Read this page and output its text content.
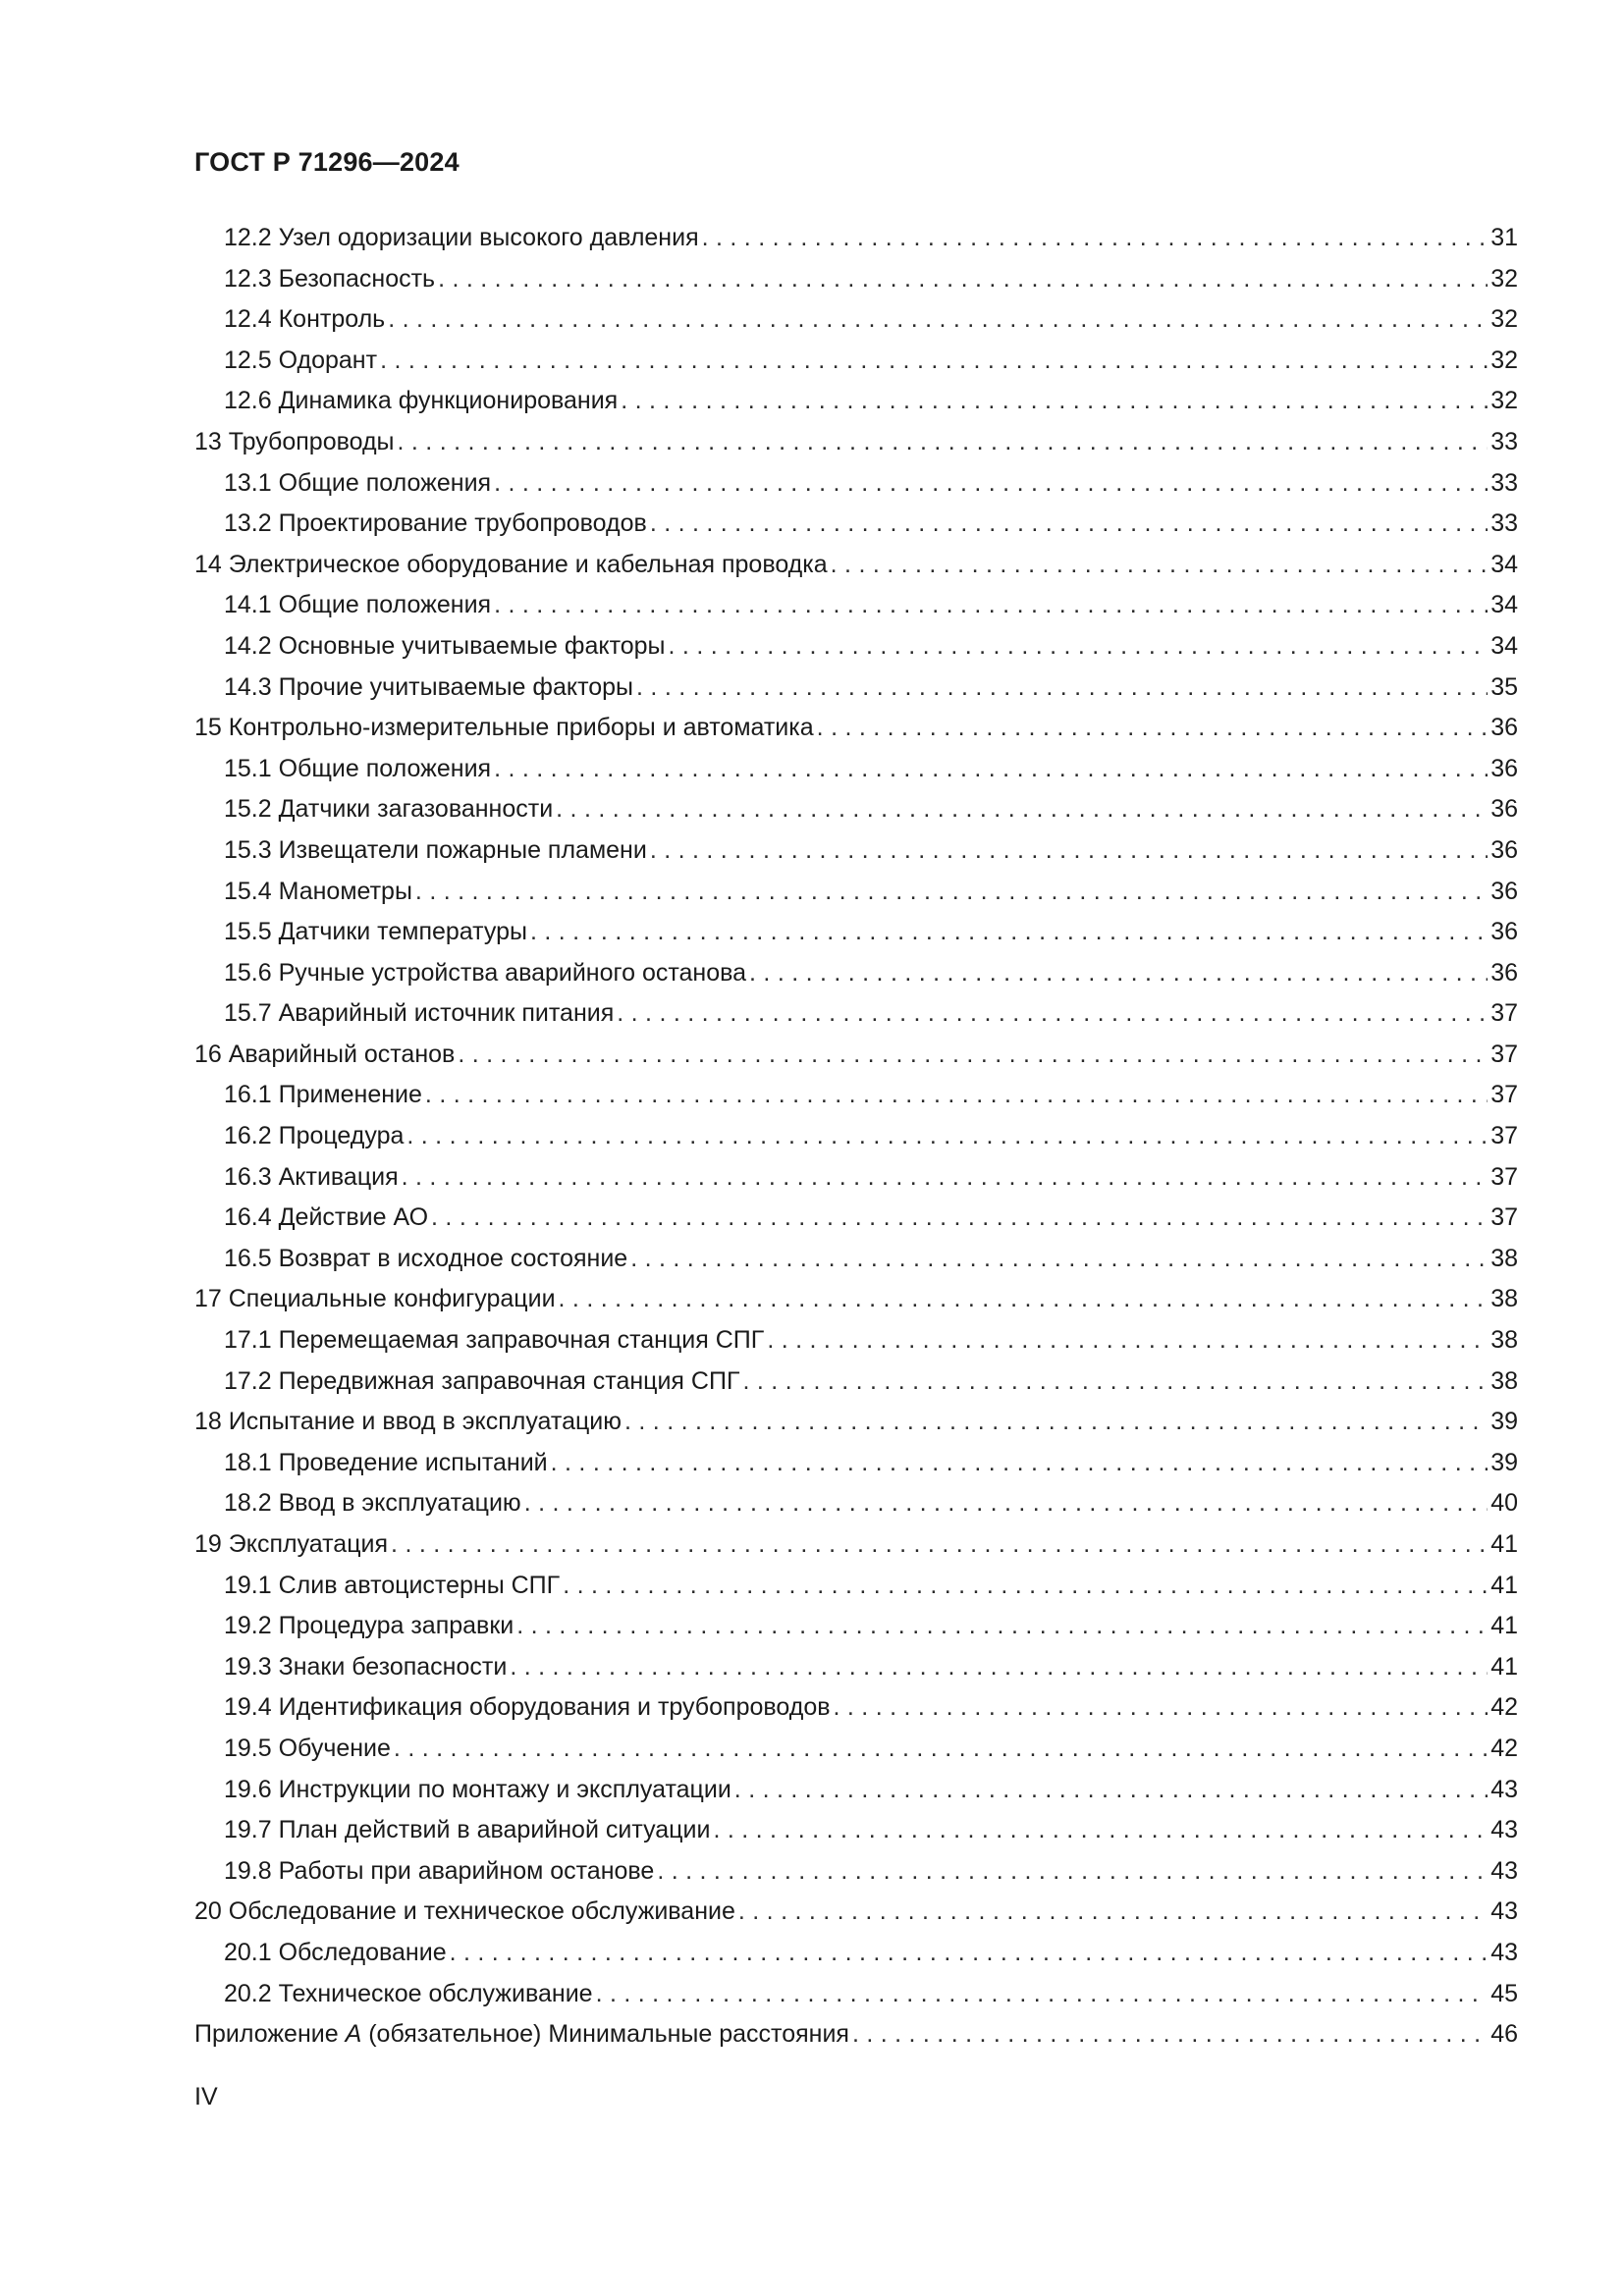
ГОСТ Р 71296—2024
12.2 Узел одоризации высокого давления . . .	31
12.3 Безопасность . . .	32
12.4 Контроль . . .	32
12.5 Одорант . . .	32
12.6 Динамика функционирования . . .	32
13 Трубопроводы . . .	33
13.1 Общие положения . . .	33
13.2 Проектирование трубопроводов . . .	33
14 Электрическое оборудование и кабельная проводка . . .	34
14.1 Общие положения . . .	34
14.2 Основные учитываемые факторы . . .	34
14.3 Прочие учитываемые факторы . . .	35
15 Контрольно-измерительные приборы и автоматика . . .	36
15.1 Общие положения . . .	36
15.2 Датчики загазованности . . .	36
15.3 Извещатели пожарные пламени . . .	36
15.4 Манометры . . .	36
15.5 Датчики температуры . . .	36
15.6 Ручные устройства аварийного останова . . .	36
15.7 Аварийный источник питания . . .	37
16 Аварийный останов . . .	37
16.1 Применение . . .	37
16.2 Процедура . . .	37
16.3 Активация . . .	37
16.4 Действие АО . . .	37
16.5 Возврат в исходное состояние . . .	38
17 Специальные конфигурации . . .	38
17.1 Перемещаемая заправочная станция СПГ . . .	38
17.2 Передвижная заправочная станция СПГ . . .	38
18 Испытание и ввод в эксплуатацию . . .	39
18.1 Проведение испытаний . . .	39
18.2 Ввод в эксплуатацию . . .	40
19 Эксплуатация . . .	41
19.1 Слив автоцистерны СПГ . . .	41
19.2 Процедура заправки . . .	41
19.3 Знаки безопасности . . .	41
19.4 Идентификация оборудования и трубопроводов . . .	42
19.5 Обучение . . .	42
19.6 Инструкции по монтажу и эксплуатации . . .	43
19.7 План действий в аварийной ситуации . . .	43
19.8 Работы при аварийном останове . . .	43
20 Обследование и техническое обслуживание . . .	43
20.1 Обследование . . .	43
20.2 Техническое обслуживание . . .	45
Приложение А (обязательное) Минимальные расстояния . . .	46
IV
